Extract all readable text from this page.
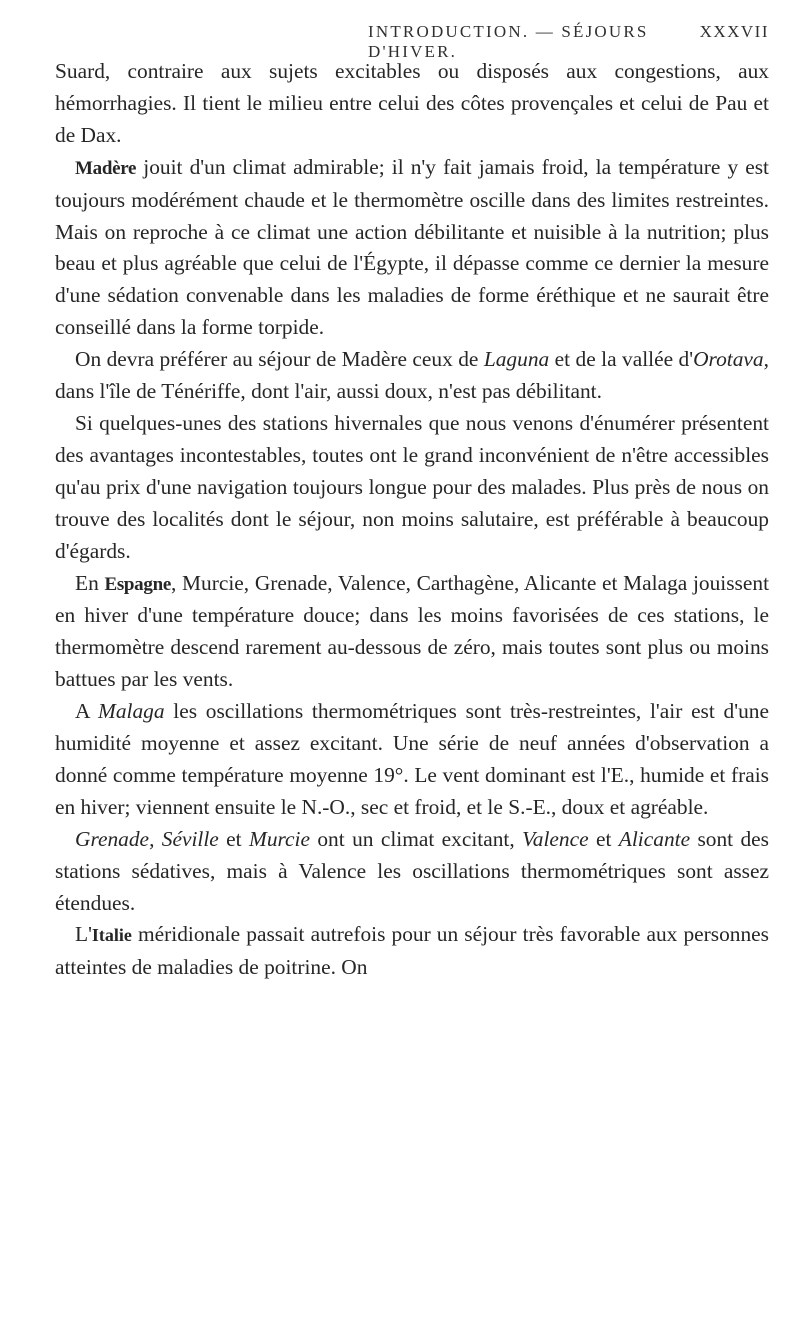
INTRODUCTION. — SÉJOURS D'HIVER.
XXXVII

Suard, contraire aux sujets excitables ou disposés aux congestions, aux hémorrhagies. Il tient le milieu entre celui des côtes provençales et celui de Pau et de Dax.

Madère jouit d'un climat admirable; il n'y fait jamais froid, la température y est toujours modérément chaude et le thermomètre oscille dans des limites restreintes. Mais on reproche à ce climat une action débilitante et nuisible à la nutrition; plus beau et plus agréable que celui de l'Égypte, il dépasse comme ce dernier la mesure d'une sédation convenable dans les maladies de forme éréthique et ne saurait être conseillé dans la forme torpide.

On devra préférer au séjour de Madère ceux de Laguna et de la vallée d'Orotava, dans l'île de Ténériffe, dont l'air, aussi doux, n'est pas débilitant.

Si quelques-unes des stations hivernales que nous venons d'énumérer présentent des avantages incontestables, toutes ont le grand inconvénient de n'être accessibles qu'au prix d'une navigation toujours longue pour des malades. Plus près de nous on trouve des localités dont le séjour, non moins salutaire, est préférable à beaucoup d'égards.

En Espagne, Murcie, Grenade, Valence, Carthagène, Alicante et Malaga jouissent en hiver d'une température douce; dans les moins favorisées de ces stations, le thermomètre descend rarement au-dessous de zéro, mais toutes sont plus ou moins battues par les vents.

A Malaga les oscillations thermométriques sont très-restreintes, l'air est d'une humidité moyenne et assez excitant. Une série de neuf années d'observation a donné comme température moyenne 19°. Le vent dominant est l'E., humide et frais en hiver; viennent ensuite le N.-O., sec et froid, et le S.-E., doux et agréable.

Grenade, Séville et Murcie ont un climat excitant, Valence et Alicante sont des stations sédatives, mais à Valence les oscillations thermométriques sont assez étendues.

L'Italie méridionale passait autrefois pour un séjour très favorable aux personnes atteintes de maladies de poitrine. On
